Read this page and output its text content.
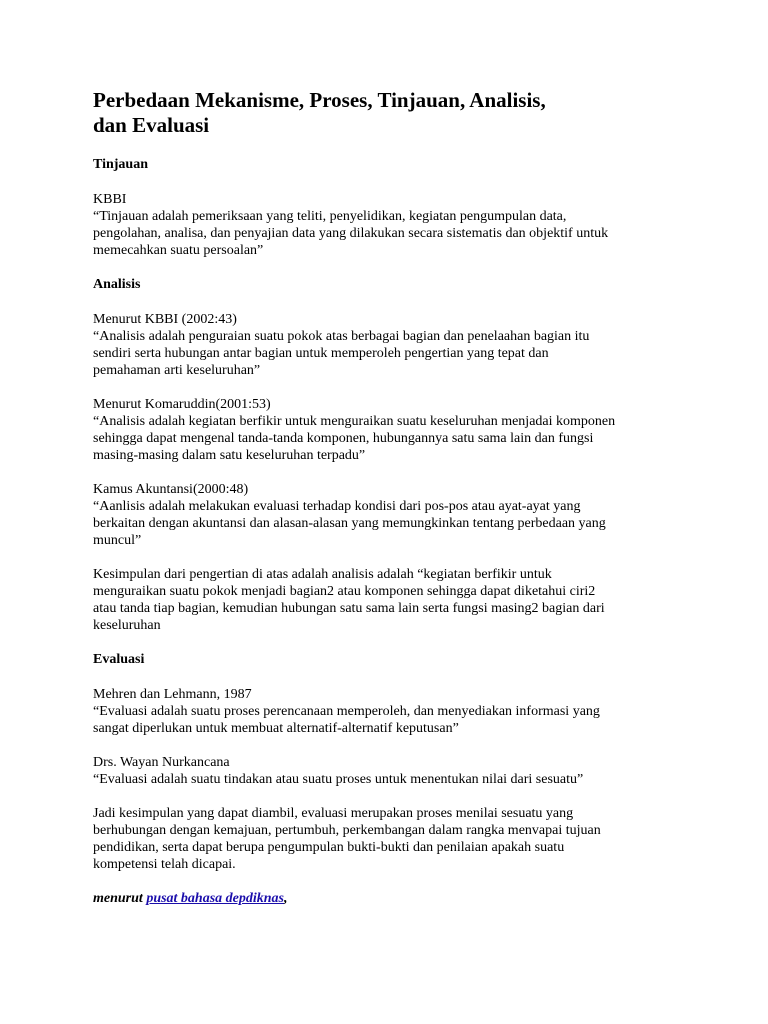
Perbedaan Mekanisme, Proses, Tinjauan, Analisis,
dan Evaluasi
Tinjauan
KBBI
“Tinjauan adalah pemeriksaan yang teliti, penyelidikan, kegiatan pengumpulan data,
pengolahan, analisa, dan penyajian data yang dilakukan secara sistematis dan objektif untuk
memecahkan suatu persoalan”
Analisis
Menurut KBBI (2002:43)
“Analisis adalah penguraian suatu pokok atas berbagai bagian dan penelaahan bagian itu
sendiri serta hubungan antar bagian untuk memperoleh pengertian yang tepat dan
pemahaman arti keseluruhan”
Menurut Komaruddin(2001:53)
“Analisis adalah kegiatan berfikir untuk menguraikan suatu keseluruhan menjadai komponen
sehingga dapat mengenal tanda-tanda komponen, hubungannya satu sama lain dan fungsi
masing-masing dalam satu keseluruhan terpadu”
Kamus Akuntansi(2000:48)
“Aanlisis adalah melakukan evaluasi terhadap kondisi dari pos-pos atau ayat-ayat yang
berkaitan dengan akuntansi dan alasan-alasan yang memungkinkan tentang perbedaan yang
muncul”
Kesimpulan dari pengertian di atas adalah analisis adalah “kegiatan berfikir untuk
menguraikan suatu pokok menjadi bagian2 atau komponen sehingga dapat diketahui ciri2
atau tanda tiap bagian, kemudian hubungan satu sama lain serta fungsi masing2 bagian dari
keseluruhan
Evaluasi
Mehren dan Lehmann, 1987
“Evaluasi adalah suatu proses perencanaan memperoleh, dan menyediakan informasi yang
sangat diperlukan untuk membuat alternatif-alternatif keputusan”
Drs. Wayan Nurkancana
“Evaluasi adalah suatu tindakan atau suatu proses untuk menentukan nilai dari sesuatu”
Jadi kesimpulan yang dapat diambil, evaluasi merupakan proses menilai sesuatu yang
berhubungan dengan kemajuan, pertumbuh, perkembangan dalam rangka menvapai tujuan
pendidikan, serta dapat berupa pengumpulan bukti-bukti dan penilaian apakah suatu
kompetensi telah dicapai.
menurut pusat bahasa depdiknas,
